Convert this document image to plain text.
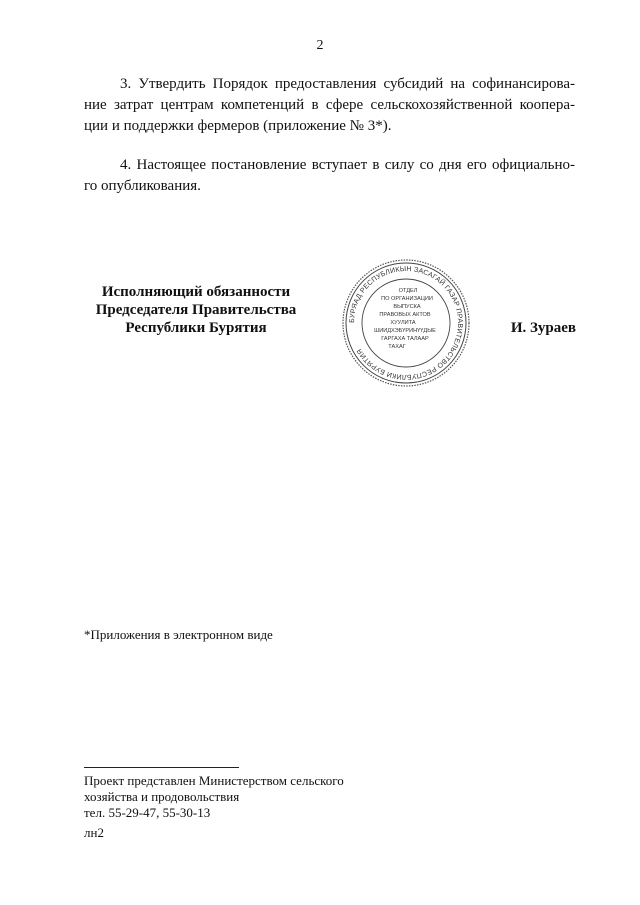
2

3. Утвердить Порядок предоставления субсидий на софинансирова-
ние затрат центрам компетенций в сфере сельскохозяйственной коопера-
ции и поддержки фермеров (приложение № 3*).

4. Настоящее постановление вступает в силу со дня его официально-
го опубликования.

Исполняющий обязанности
Председателя Правительства
Республики Бурятия	БУРЯАД РЕСПУБЛИКЫН ЗАСАГАЙ ГАЗАР ПРАВИТЕЛЬСТВО РЕСПУБЛИКИ БУРЯТИЯ
ОТДЕЛ
ПО ОРГАНИЗАЦИИ
ВЫПУСКА
ПРАВОВЫХ АКТОВ
ХУУЛИТА
ШИИДХЭБҮРИНҮҮДЫЕ
ГАРГАХА ТАЛААР
ТАХАГ
И. Зураев
*Приложения в электронном виде
Проект представлен Министерством сельского
хозяйства и продовольствия
тел. 55-29-47, 55-30-13
лн2
